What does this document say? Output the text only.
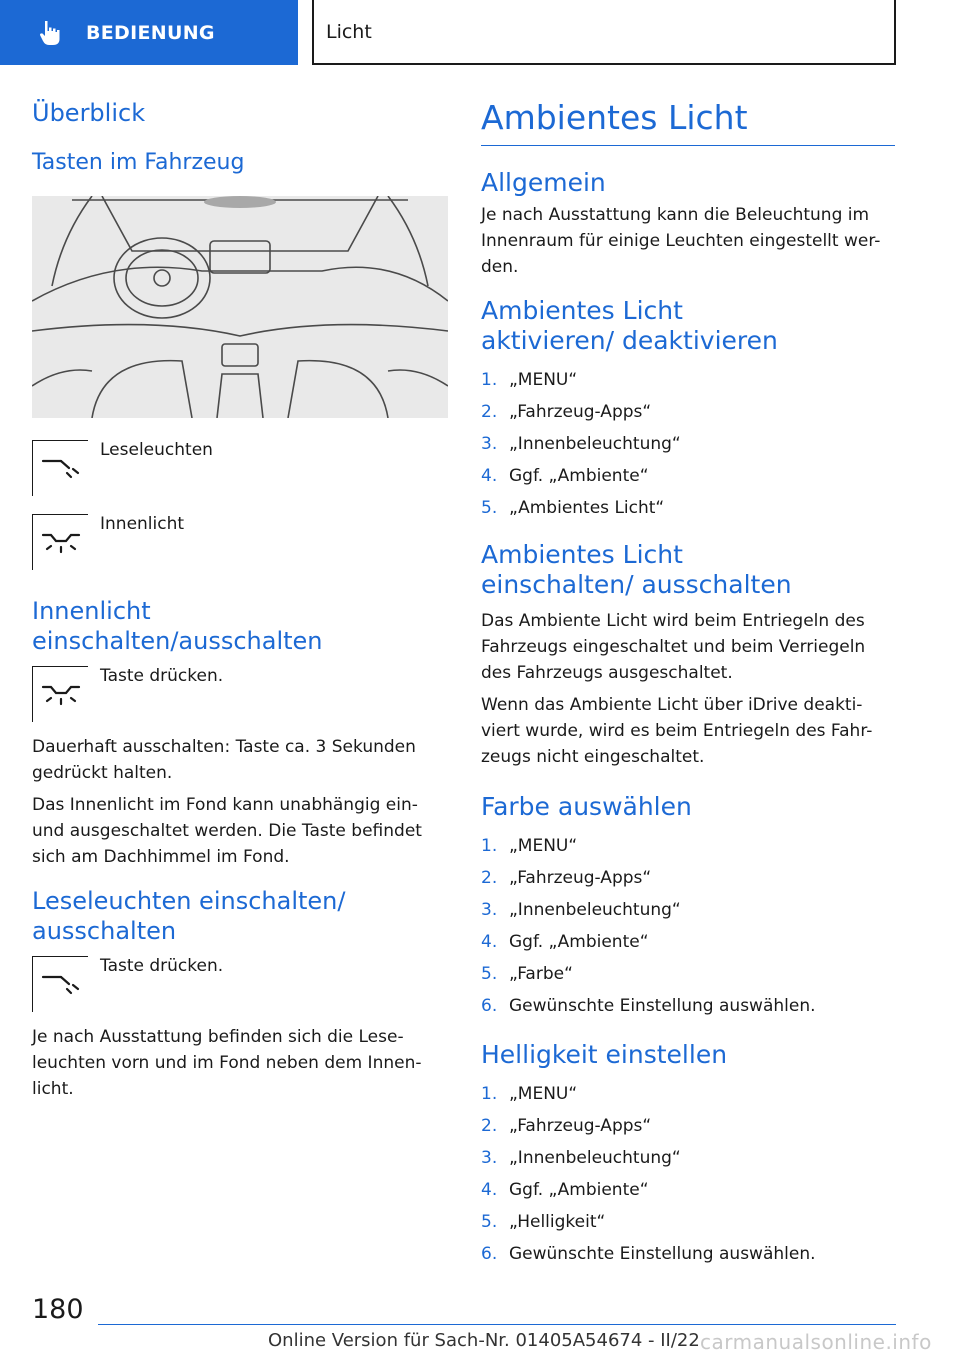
BEDIENUNG	Licht
Überblick
Tasten im Fahrzeug
Leseleuchten
Innenlicht
Innenlicht einschalten/ausschalten
Taste drücken.

Dauerhaft ausschalten: Taste ca. 3 Sekunden gedrückt halten.

Das Innenlicht im Fond kann unabhängig ein- und ausgeschaltet werden. Die Taste befindet sich am Dachhimmel im Fond.

Leseleuchten einschalten/ ausschalten
Taste drücken.

Je nach Ausstattung befinden sich die Lese- leuchten vorn und im Fond neben dem Innen- licht.

Ambientes Licht
Allgemein

Je nach Ausstattung kann die Beleuchtung im Innenraum für einige Leuchten eingestellt wer- den.

Ambientes Licht aktivieren/ deaktivieren
1. „MENU“
2. „Fahrzeug-Apps“
3. „Innenbeleuchtung“
4. Ggf. „Ambiente“
5. „Ambientes Licht“
Ambientes Licht einschalten/ ausschalten

Das Ambiente Licht wird beim Entriegeln des Fahrzeugs eingeschaltet und beim Verriegeln des Fahrzeugs ausgeschaltet.

Wenn das Ambiente Licht über iDrive deakti- viert wurde, wird es beim Entriegeln des Fahr- zeugs nicht eingeschaltet.

Farbe auswählen
1. „MENU“
2. „Fahrzeug-Apps“
3. „Innenbeleuchtung“
4. Ggf. „Ambiente“
5. „Farbe“
6. Gewünschte Einstellung auswählen.
Helligkeit einstellen
1. „MENU“
2. „Fahrzeug-Apps“
3. „Innenbeleuchtung“
4. Ggf. „Ambiente“
5. „Helligkeit“
6. Gewünschte Einstellung auswählen.
180
Online Version für Sach-Nr. 01405A54674 - II/22 carmanualsonline.info
